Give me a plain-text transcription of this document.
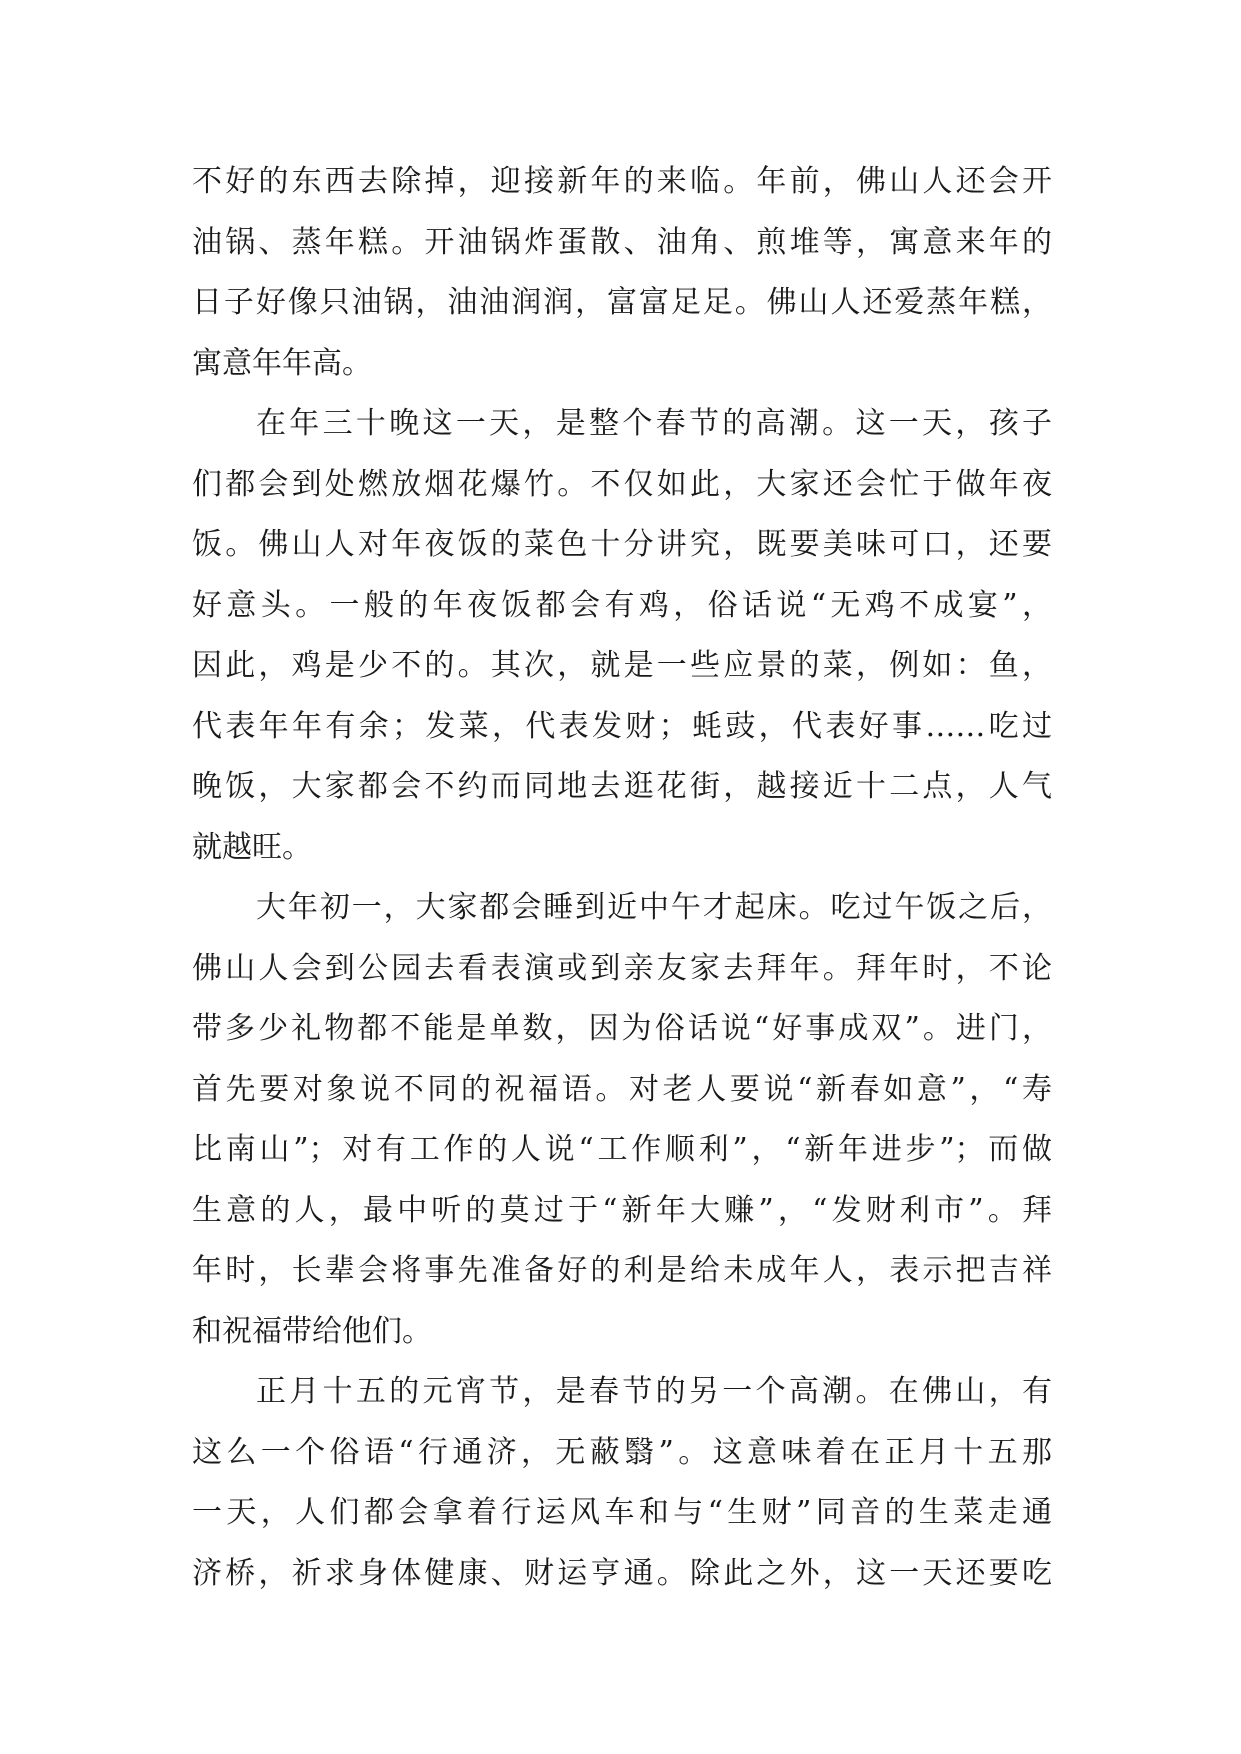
不好的东西去除掉，迎接新年的来临。年前，佛山人还会开
油锅、蒸年糕。开油锅炸蛋散、油角、煎堆等，寓意来年的
日子好像只油锅，油油润润，富富足足。佛山人还爱蒸年糕，
寓意年年高。
在年三十晚这一天，是整个春节的高潮。这一天，孩子
们都会到处燃放烟花爆竹。不仅如此，大家还会忙于做年夜
饭。佛山人对年夜饭的菜色十分讲究，既要美味可口，还要
好意头。一般的年夜饭都会有鸡，俗话说“无鸡不成宴”，
因此，鸡是少不的。其次，就是一些应景的菜，例如：鱼，
代表年年有余；发菜，代表发财；蚝豉，代表好事……吃过
晚饭，大家都会不约而同地去逛花街，越接近十二点，人气
就越旺。
大年初一，大家都会睡到近中午才起床。吃过午饭之后，
佛山人会到公园去看表演或到亲友家去拜年。拜年时，不论
带多少礼物都不能是单数，因为俗话说“好事成双”。进门，
首先要对象说不同的祝福语。对老人要说“新春如意”，“寿
比南山”；对有工作的人说“工作顺利”，“新年进步”；而做
生意的人，最中听的莫过于“新年大赚”，“发财利市”。拜
年时，长辈会将事先准备好的利是给未成年人，表示把吉祥
和祝福带给他们。
正月十五的元宵节，是春节的另一个高潮。在佛山，有
这么一个俗语“行通济，无蔽翳”。这意味着在正月十五那
一天，人们都会拿着行运风车和与“生财”同音的生菜走通
济桥，祈求身体健康、财运亨通。除此之外，这一天还要吃
